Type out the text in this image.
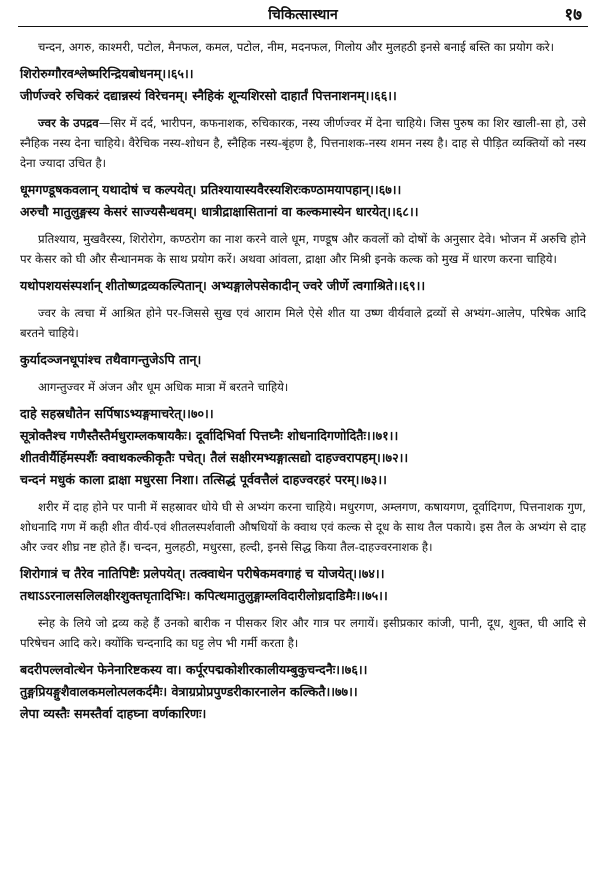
चिकित्सास्थान	१७
चन्दन, अगरु, काश्मरी, पटोल, मैनफल, कमल, पटोल, नीम, मदनफल, गिलोय और मुलहठी इनसे बनाई बस्ति का प्रयोग करे।
शिरोरुग्गौरवश्लेष्मरिन्द्रियबोधनम्।।६५।।
जीर्णज्वरे रुचिकरं दद्यान्नस्यं विरेचनम्। स्नैहिकं शून्यशिरसो दाहार्तं पित्तनाशनम्।।६६।।
ज्वर के उपद्रव—सिर में दर्द, भारीपन, कफनाशक, रुचिकारक, नस्य जीर्णज्वर में देना चाहिये। जिस पुरुष का शिर खाली-सा हो, उसे स्नैहिक नस्य देना चाहिये। वैरेचिक नस्य-शोधन है, स्नैहिक नस्य-बृंहण है, पित्तनाशक-नस्य शमन नस्य है। दाह से पीड़ित व्यक्तियों को नस्य देना ज्यादा उचित है।
धूमगण्डूषकवलान् यथादोषं च कल्पयेत्। प्रतिश्यायास्यवैरस्यशिरःकण्ठामयापहान्।।६७।।
अरुचौ मातुलुङ्गस्य केसरं साज्यसैन्धवम्। धात्रीद्राक्षासितानां वा कल्कमास्येन धारयेत्।।६८।।
प्रतिश्याय, मुखवैरस्य, शिरोरोग, कण्ठरोग का नाश करने वाले धूम, गण्डूष और कवलों को दोषों के अनुसार देवे। भोजन में अरुचि होने पर केसर को घी और सैन्धानमक के साथ प्रयोग करें। अथवा आंवला, द्राक्षा और मिश्री इनके कल्क को मुख में धारण करना चाहिये।
यथोपशयसंस्पर्शान् शीतोष्णद्रव्यकल्पितान्। अभ्यङ्गालेपसेकादीन् ज्वरे जीर्णे त्वगाश्रिते।।६९।।
ज्वर के त्वचा में आश्रित होने पर-जिससे सुख एवं आराम मिले ऐसे शीत या उष्ण वीर्यवाले द्रव्यों से अभ्यंग-आलेप, परिषेक आदि बरतने चाहिये।
कुर्यादञ्जनधूपांश्च तथैवागन्तुजेऽपि तान्।
आगन्तुज्वर में अंजन और धूम अधिक मात्रा में बरतने चाहिये।
दाहे सहस्रधौतेन सर्पिषाऽभ्यङ्गमाचरेत्।।७०।।
सूत्रोक्तैश्च गणैस्तैस्तैर्मधुराम्लकषायकैः। दूर्वादिभिर्वा पित्तघ्नैः शोधनादिगणोदितैः।।७१।।
शीतवीर्यैर्हिमस्पर्शैः क्वाथकल्कीकृतैः पचेत्। तैलं सक्षीरमभ्यङ्गात्सद्यो दाहज्वरापहम्।।७२।।
चन्दनं मधुकं काला द्राक्षा मधुरसा निशा। तत्सिद्धं पूर्ववत्तैलं दाहज्वरहरं परम्।।७३।।
शरीर में दाह होने पर पानी में सहस्रावर धोये घी से अभ्यंग करना चाहिये। मधुरगण, अम्लगण, कषायगण, दूर्वादिगण, पित्तनाशक गुण, शोधनादि गण में कही शीत वीर्य-एवं शीतलस्पर्शवाली औषधियों के क्वाथ एवं कल्क से दूध के साथ तैल पकाये। इस तैल के अभ्यंग से दाह और ज्वर शीघ्र नष्ट होते हैं। चन्दन, मुलहठी, मधुरसा, हल्दी, इनसे सिद्ध किया तैल-दाहज्वरनाशक है।
शिरोगात्रं च तैरेव नातिपिष्टैः प्रलेपयेत्। तत्क्वाथेन परीषेकमवगाहं च योजयेत्।।७४।।
तथाऽऽरनालसलिलक्षीरशुक्तघृतादिभिः। कपित्थमातुलुङ्गाम्लविदारीलोध्रदाडिमैः।।७५।।
स्नेह के लिये जो द्रव्य कहे हैं उनको बारीक न पीसकर शिर और गात्र पर लगायें। इसीप्रकार कांजी, पानी, दूध, शुक्त, घी आदि से परिषेचन आदि करे। क्योंकि चन्दनादि का घट्ट लेप भी गर्मी करता है।
बदरीपल्लवोत्थेन फेनेनारिष्टकस्य वा। कर्पूरपद्मकोशीरकालीयम्बुकुचन्दनैः।।७६।।
तुङ्गप्रियङ्गुशैवालकमलोत्पलकर्दमैः। वेत्राग्रप्रोप्रपुण्डरीकारनालेन कल्कितै।।७७।।
लेपा व्यस्तैः समस्तैर्वा दाहघ्ना वर्णकारिणः।
